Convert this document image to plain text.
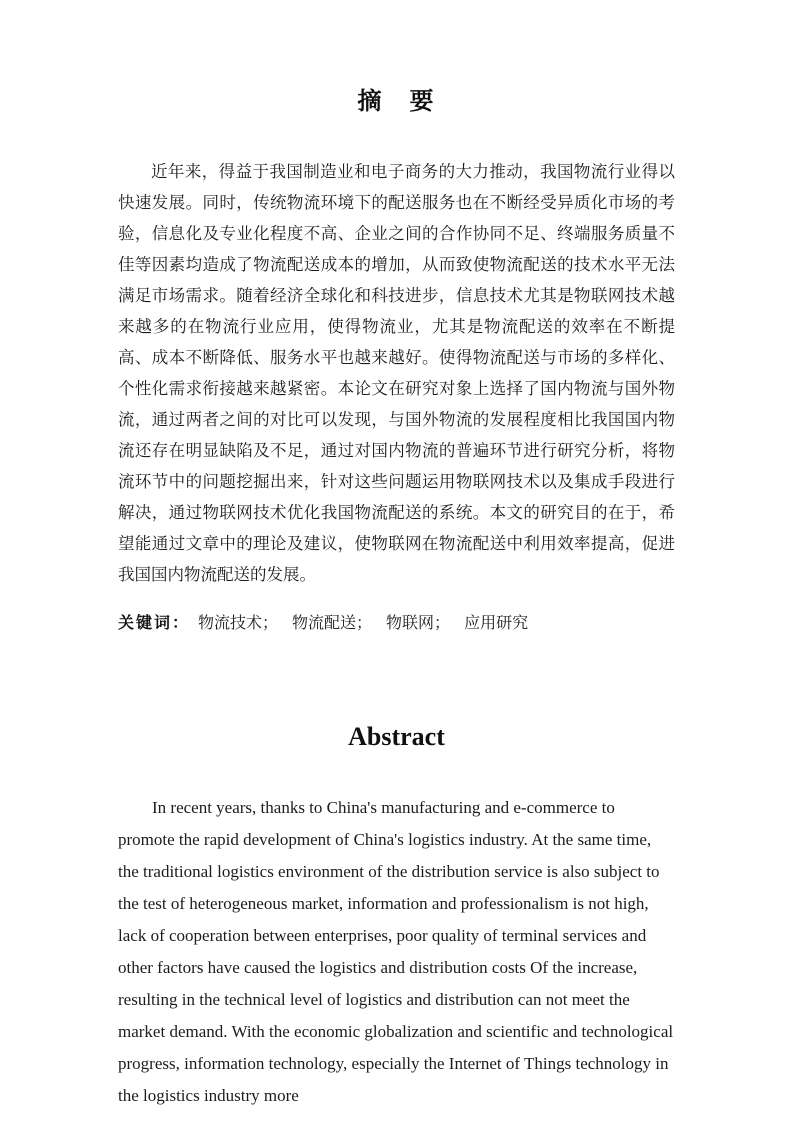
摘　要

近年来，得益于我国制造业和电子商务的大力推动，我国物流行业得以快速发展。同时，传统物流环境下的配送服务也在不断经受异质化市场的考验，信息化及专业化程度不高、企业之间的合作协同不足、终端服务质量不佳等因素均造成了物流配送成本的增加，从而致使物流配送的技术水平无法满足市场需求。随着经济全球化和科技进步，信息技术尤其是物联网技术越来越多的在物流行业应用，使得物流业，尤其是物流配送的效率在不断提高、成本不断降低、服务水平也越来越好。使得物流配送与市场的多样化、个性化需求衔接越来越紧密。本论文在研究对象上选择了国内物流与国外物流，通过两者之间的对比可以发现，与国外物流的发展程度相比我国国内物流还存在明显缺陷及不足，通过对国内物流的普遍环节进行研究分析，将物流环节中的问题挖掘出来，针对这些问题运用物联网技术以及集成手段进行解决，通过物联网技术优化我国物流配送的系统。本文的研究目的在于，希望能通过文章中的理论及建议，使物联网在物流配送中利用效率提高，促进我国国内物流配送的发展。

关键词： 物流技术； 物流配送； 物联网； 应用研究

Abstract

In recent years, thanks to China's manufacturing and e-commerce to promote the rapid development of China's logistics industry. At the same time, the traditional logistics environment of the distribution service is also subject to the test of heterogeneous market, information and professionalism is not high, lack of cooperation between enterprises, poor quality of terminal services and other factors have caused the logistics and distribution costs Of the increase, resulting in the technical level of logistics and distribution can not meet the market demand. With the economic globalization and scientific and technological progress, information technology, especially the Internet of Things technology in the logistics industry more
